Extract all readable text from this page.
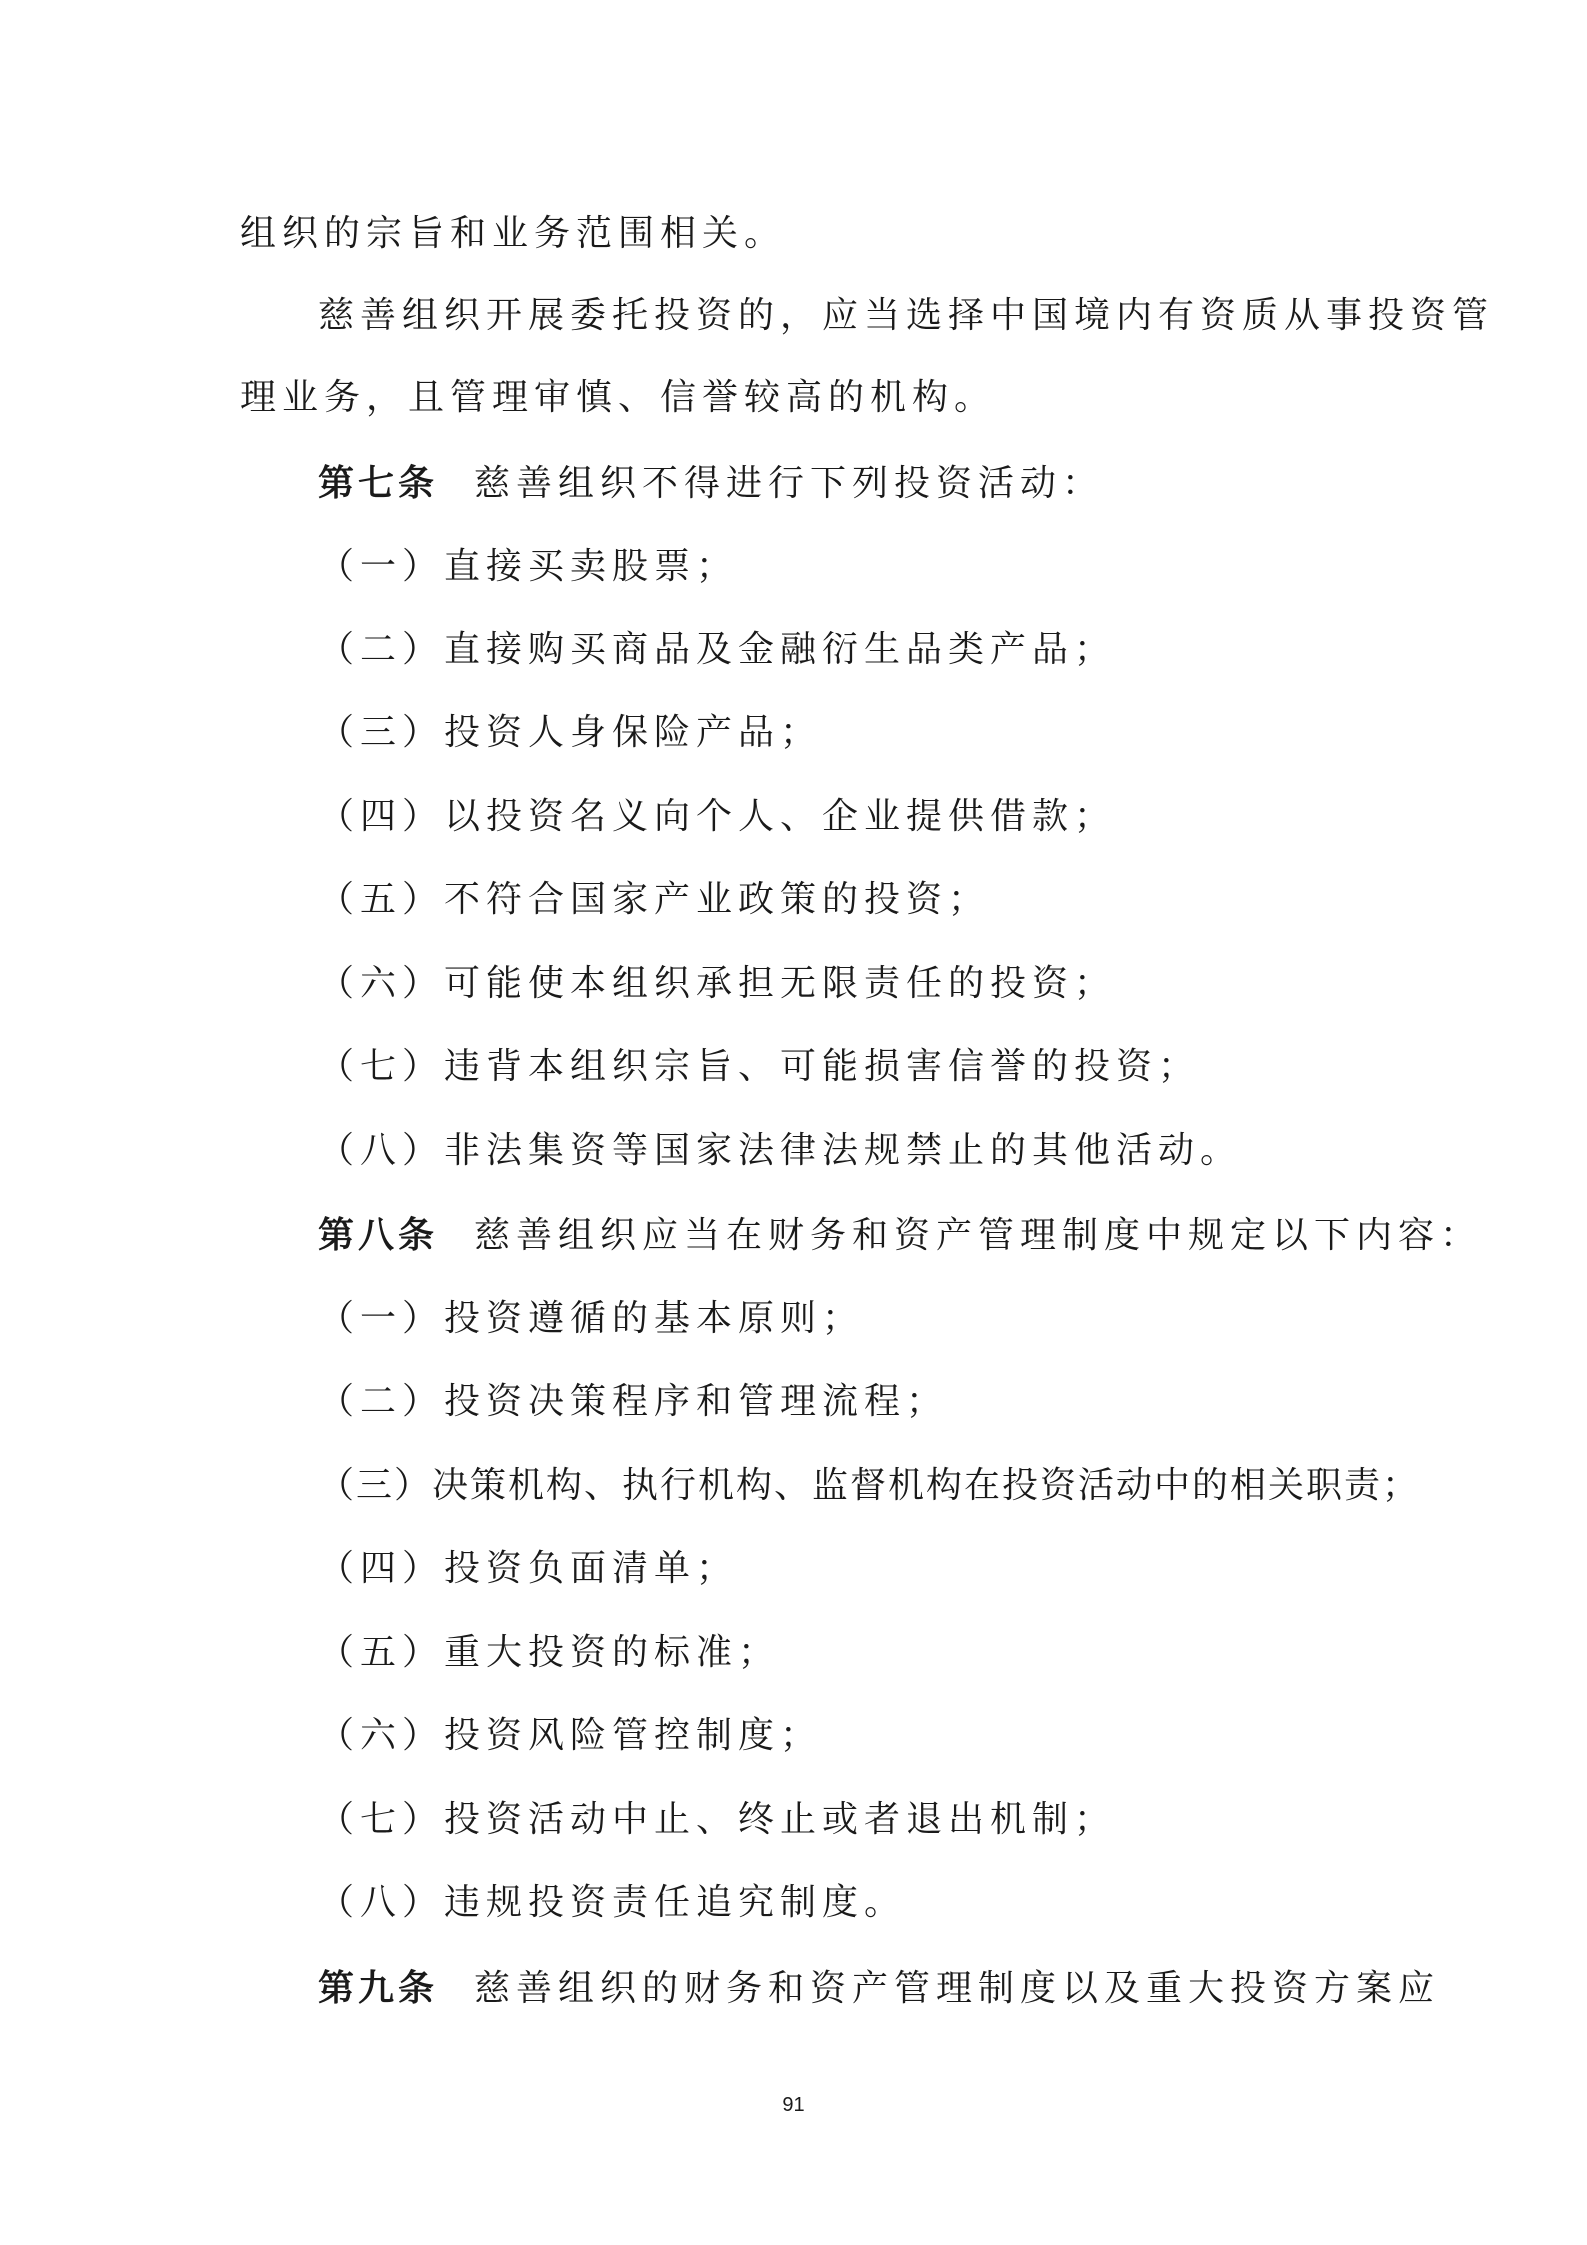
组织的宗旨和业务范围相关。
慈善组织开展委托投资的，应当选择中国境内有资质从事投资管
理业务，且管理审慎、信誉较高的机构。
第七条 慈善组织不得进行下列投资活动：
（一）直接买卖股票；
（二）直接购买商品及金融衍生品类产品；
（三）投资人身保险产品；
（四）以投资名义向个人、企业提供借款；
（五）不符合国家产业政策的投资；
（六）可能使本组织承担无限责任的投资；
（七）违背本组织宗旨、可能损害信誉的投资；
（八）非法集资等国家法律法规禁止的其他活动。
第八条 慈善组织应当在财务和资产管理制度中规定以下内容：
（一）投资遵循的基本原则；
（二）投资决策程序和管理流程；
（三）决策机构、执行机构、监督机构在投资活动中的相关职责；
（四）投资负面清单；
（五）重大投资的标准；
（六）投资风险管控制度；
（七）投资活动中止、终止或者退出机制；
（八）违规投资责任追究制度。
第九条 慈善组织的财务和资产管理制度以及重大投资方案应
91
